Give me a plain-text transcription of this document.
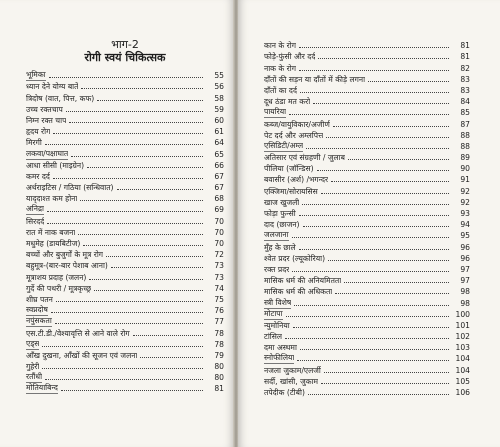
भाग-2
रोगी स्वयं चिकित्सक
भूमिका	55
ध्यान देने योग्य बातें	56
त्रिदोष (वात, पित्त, कफ)	58
उच्च रक्तचाप	59
निम्न रक्त चाप	60
हृदय रोग	61
मिरगी	64
लकवा/पक्षाघात	65
आधा सीसी (माइग्रेन)	66
कमर दर्द	67
अर्थराइटिस / गठिया (सन्धिवात)	67
याद्‌दाश्त कम होना	68
अनिद्रा	69
सिरदर्द	70
रात में नाक बजना	70
मधुमेह (डायबिटीज)	70
बच्चों और बुजुर्गों के मूत्र रोग	72
बहुमूत्र-(बार-बार पेशाब आना)	73
मूत्राशय प्रदाह (जलन)	73
गुर्दे की पथरी / मूत्रकृच्छ्र	74
शीघ्र पतन	75
स्वप्नदोष	76
नपुंसकता	77
एस.टी.डी./वेश्यावृत्ति से आने वाले रोग	78
एड्स	78
आँख दुखना, आँखों की सूजन एवं जलना	79
गुहेरी	80
रतौंधी	80
मोतियाबिन्द	81
कान के रोग	81
फोड़े-फुंसी और दर्द	81
नाक के रोग	82
दाँतों की सड़न या दाँतों में कीड़े लगना	83
दाँतों का दर्द	83
दूध ठंडा मत करो	84
पायरिया	85
कब्ज/वायुविकार/अजीर्ण	87
पेट दर्द और अम्लपित्त	88
एसिडिटी/अम्ल	88
अतिसार एवं संग्रहणी / जुलाब	89
पीलिया (जॉन्डिस)	90
बवासीर (अर्श) /भगन्दर	91
एक्जिमा/सोरायसिस	92
खाज खुजली	92
फोड़ा फुन्सी	93
दाद (छाजन)	94
जलजाना	95
मुँह के छाले	96
श्वेत प्रदर (ल्यूकोरिया)	96
रक्त प्रदर	97
मासिक धर्म की अनियमितता	97
मासिक धर्म की अधिकता	98
स्त्री विशेष	98
मोटापा	100
न्युमोनिया	101
टांसिल	102
दमा अस्थमा	103
स्नोफीलिया	104
नजला जुकाम/एलर्जी	104
सर्दी, खांसी, जुकाम	105
तपेदीक (टीबी)	106
